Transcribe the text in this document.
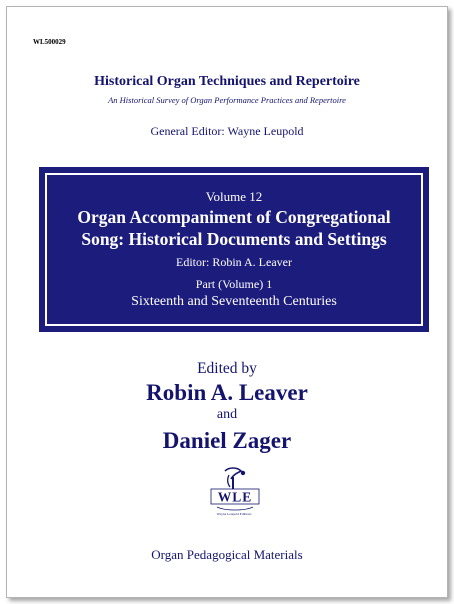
WL500029
Historical Organ Techniques and Repertoire
An Historical Survey of Organ Performance Practices and Repertoire
General Editor: Wayne Leupold
Volume 12
Organ Accompaniment of Congregational
Song: Historical Documents and Settings
Editor: Robin A. Leaver
Part (Volume) 1
Sixteenth and Seventeenth Centuries
Edited by
Robin A. Leaver
and
Daniel Zager
WLE
Wayne Leupold Editions
Organ Pedagogical Materials
